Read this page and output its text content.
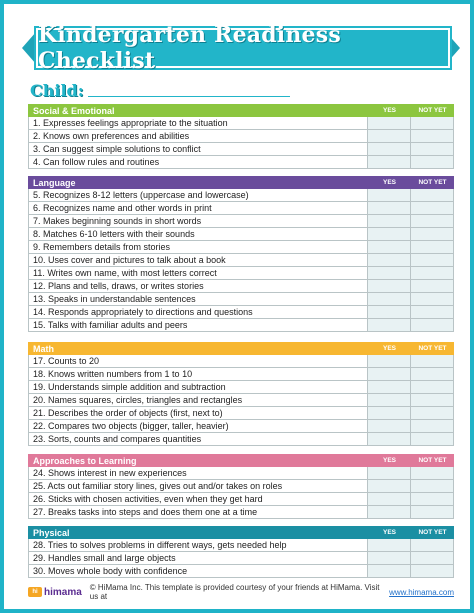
Kindergarten Readiness Checklist
Child:
Social & Emotional	YES	NOT YET
1. Expresses feelings appropriate to the situation
2. Knows own preferences and abilities
3. Can suggest simple solutions to conflict
4. Can follow rules and routines
Language	YES	NOT YET
5. Recognizes 8-12 letters (uppercase and lowercase)
6. Recognizes name and other words in print
7. Makes beginning sounds in short words
8. Matches 6-10 letters with their sounds
9. Remembers details from stories
10. Uses cover and pictures to talk about a book
11. Writes own name, with most letters correct
12. Plans and tells, draws, or writes stories
13. Speaks in understandable sentences
14. Responds appropriately to directions and questions
15. Talks with familiar adults and peers
Math	YES	NOT YET
17. Counts to 20
18. Knows written numbers from 1 to 10
19. Understands simple addition and subtraction
20. Names squares, circles, triangles and rectangles
21. Describes the order of objects (first, next to)
22. Compares two objects (bigger, taller, heavier)
23. Sorts, counts and compares quantities
Approaches to Learning	YES	NOT YET
24. Shows interest in new experiences
25. Acts out familiar story lines, gives out and/or takes on roles
26. Sticks with chosen activities, even when they get hard
27. Breaks tasks into steps and does them one at a time
Physical	YES	NOT YET
28. Tries to solves problems in different ways, gets needed help
29. Handles small and large objects
30. Moves whole body with confidence
hi himama © HiMama Inc. This template is provided courtesy of your friends at HiMama. Visit us at	www.himama.com
